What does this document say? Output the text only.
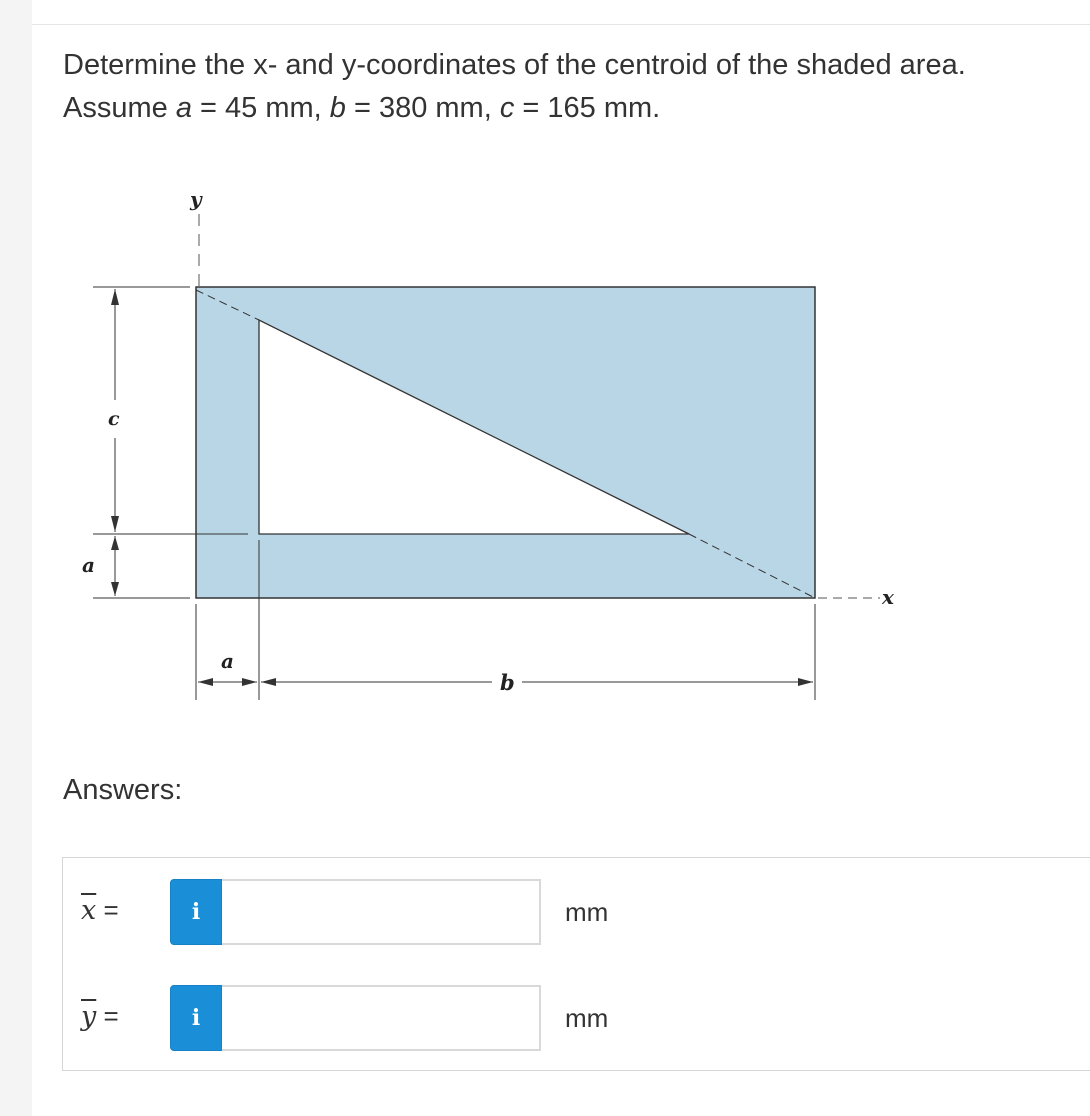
Determine the x- and y-coordinates of the centroid of the shaded area.
Assume a = 45 mm, b = 380 mm, c = 165 mm.
y
x
c
a
a
b
Answers:
$\overline{x}$ =	i	mm
$\overline{y}$ =	i	mm
